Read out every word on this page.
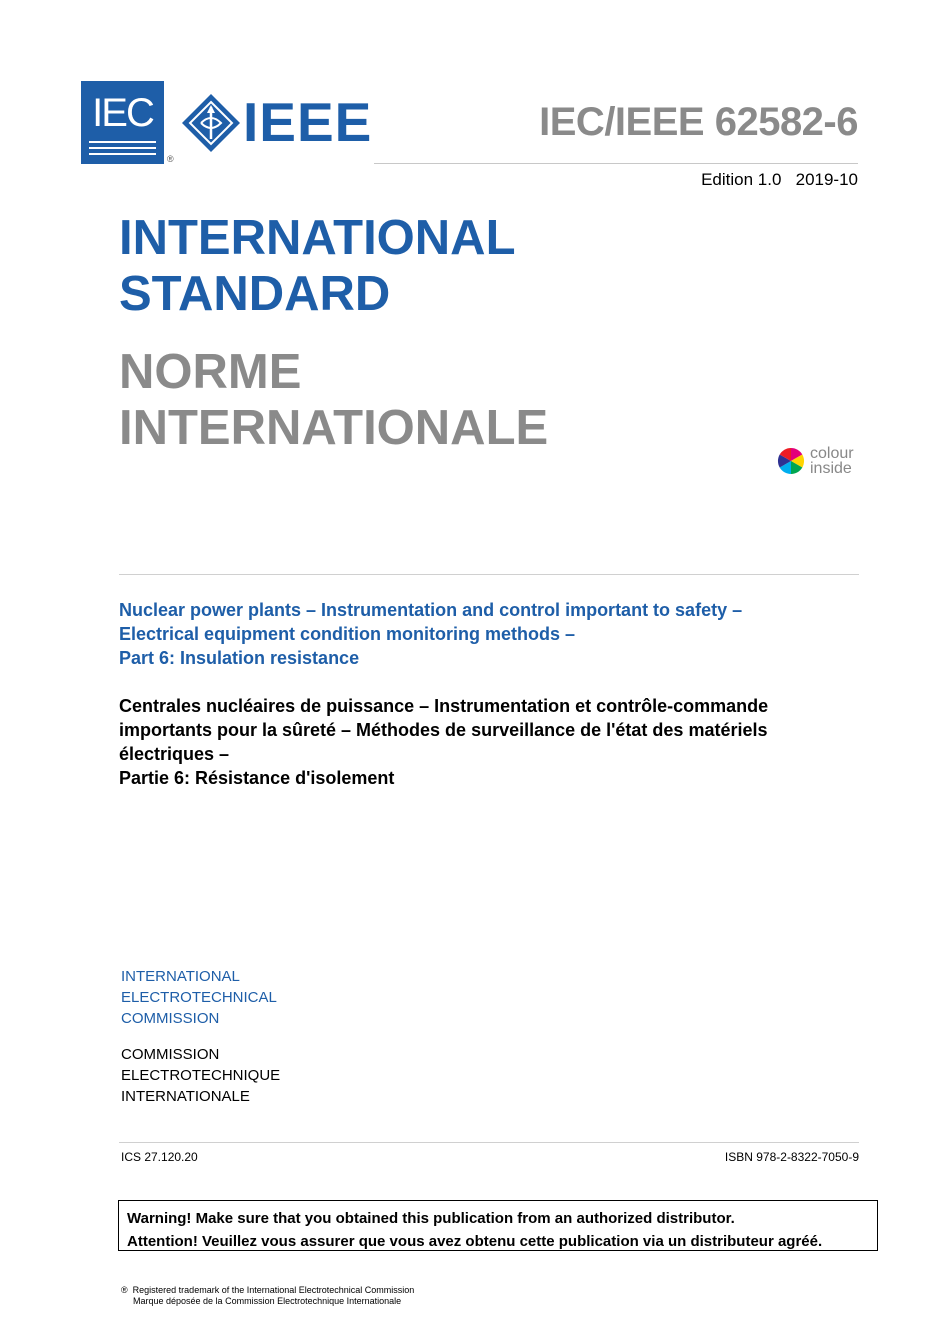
IEC
®
IEEE	IEC/IEEE 62582-6
Edition 1.0 2019-10
INTERNATIONAL
STANDARD
NORME
INTERNATIONALE	colour
inside
Nuclear power plants – Instrumentation and control important to safety –
Electrical equipment condition monitoring methods –
Part 6: Insulation resistance
Centrales nucléaires de puissance – Instrumentation et contrôle-commande
importants pour la sûreté – Méthodes de surveillance de l'état des matériels
électriques –
Partie 6: Résistance d'isolement
INTERNATIONAL
ELECTROTECHNICAL
COMMISSION
COMMISSION
ELECTROTECHNIQUE
INTERNATIONALE
ICS 27.120.20	ISBN 978-2-8322-7050-9
Warning! Make sure that you obtained this publication from an authorized distributor.
Attention! Veuillez vous assurer que vous avez obtenu cette publication via un distributeur agréé.
® Registered trademark of the International Electrotechnical Commission
Marque déposée de la Commission Electrotechnique Internationale
